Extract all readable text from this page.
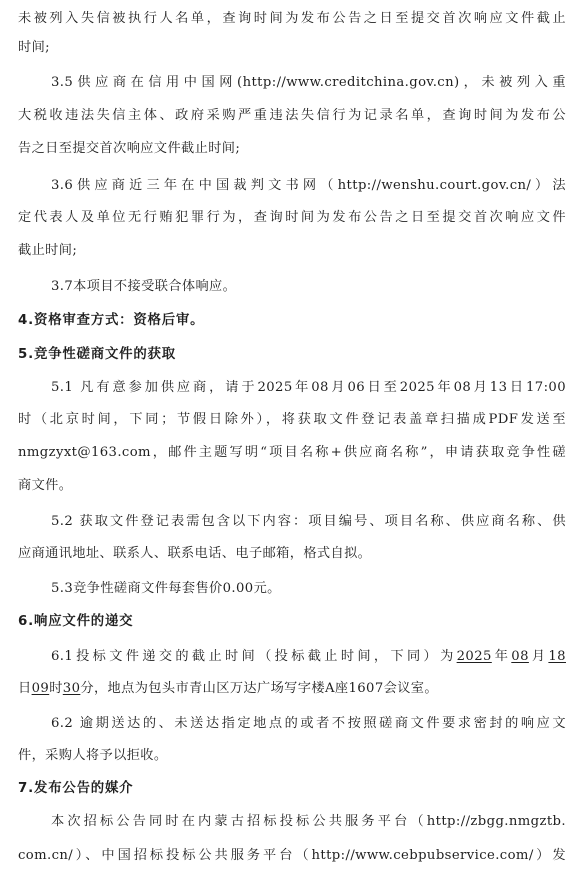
未被列入失信被执行人名单，查询时间为发布公告之日至提交首次响应文件截止
时间;
3.5供应商在信用中国网(http://www.creditchina.gov.cn)，未被列入重
大税收违法失信主体、政府采购严重违法失信行为记录名单，查询时间为发布公
告之日至提交首次响应文件截止时间;
3.6供应商近三年在中国裁判文书网（http://wenshu.court.gov.cn/）法
定代表人及单位无行贿犯罪行为，查询时间为发布公告之日至提交首次响应文件
截止时间;
3.7本项目不接受联合体响应。
4.资格审查方式：资格后审。
5.竞争性磋商文件的获取
5.1 凡有意参加供应商，请于2025年08月06日至2025年08月13日17:00
时（北京时间，下同；节假日除外），将获取文件登记表盖章扫描成PDF发送至
nmgzyxt@163.com，邮件主题写明“项目名称+供应商名称”，申请获取竞争性磋
商文件。
5.2 获取文件登记表需包含以下内容：项目编号、项目名称、供应商名称、供
应商通讯地址、联系人、联系电话、电子邮箱，格式自拟。
5.3竞争性磋商文件每套售价0.00元。
6.响应文件的递交
6.1投标文件递交的截止时间（投标截止时间，下同）为2025年08月18
日09时30分，地点为包头市青山区万达广场写字楼A座1607会议室。
6.2 逾期送达的、未送达指定地点的或者不按照磋商文件要求密封的响应文
件，采购人将予以拒收。
7.发布公告的媒介
本次招标公告同时在内蒙古招标投标公共服务平台（http://zbgg.nmgztb.
com.cn/）、中国招标投标公共服务平台（http://www.cebpubservice.com/）发
